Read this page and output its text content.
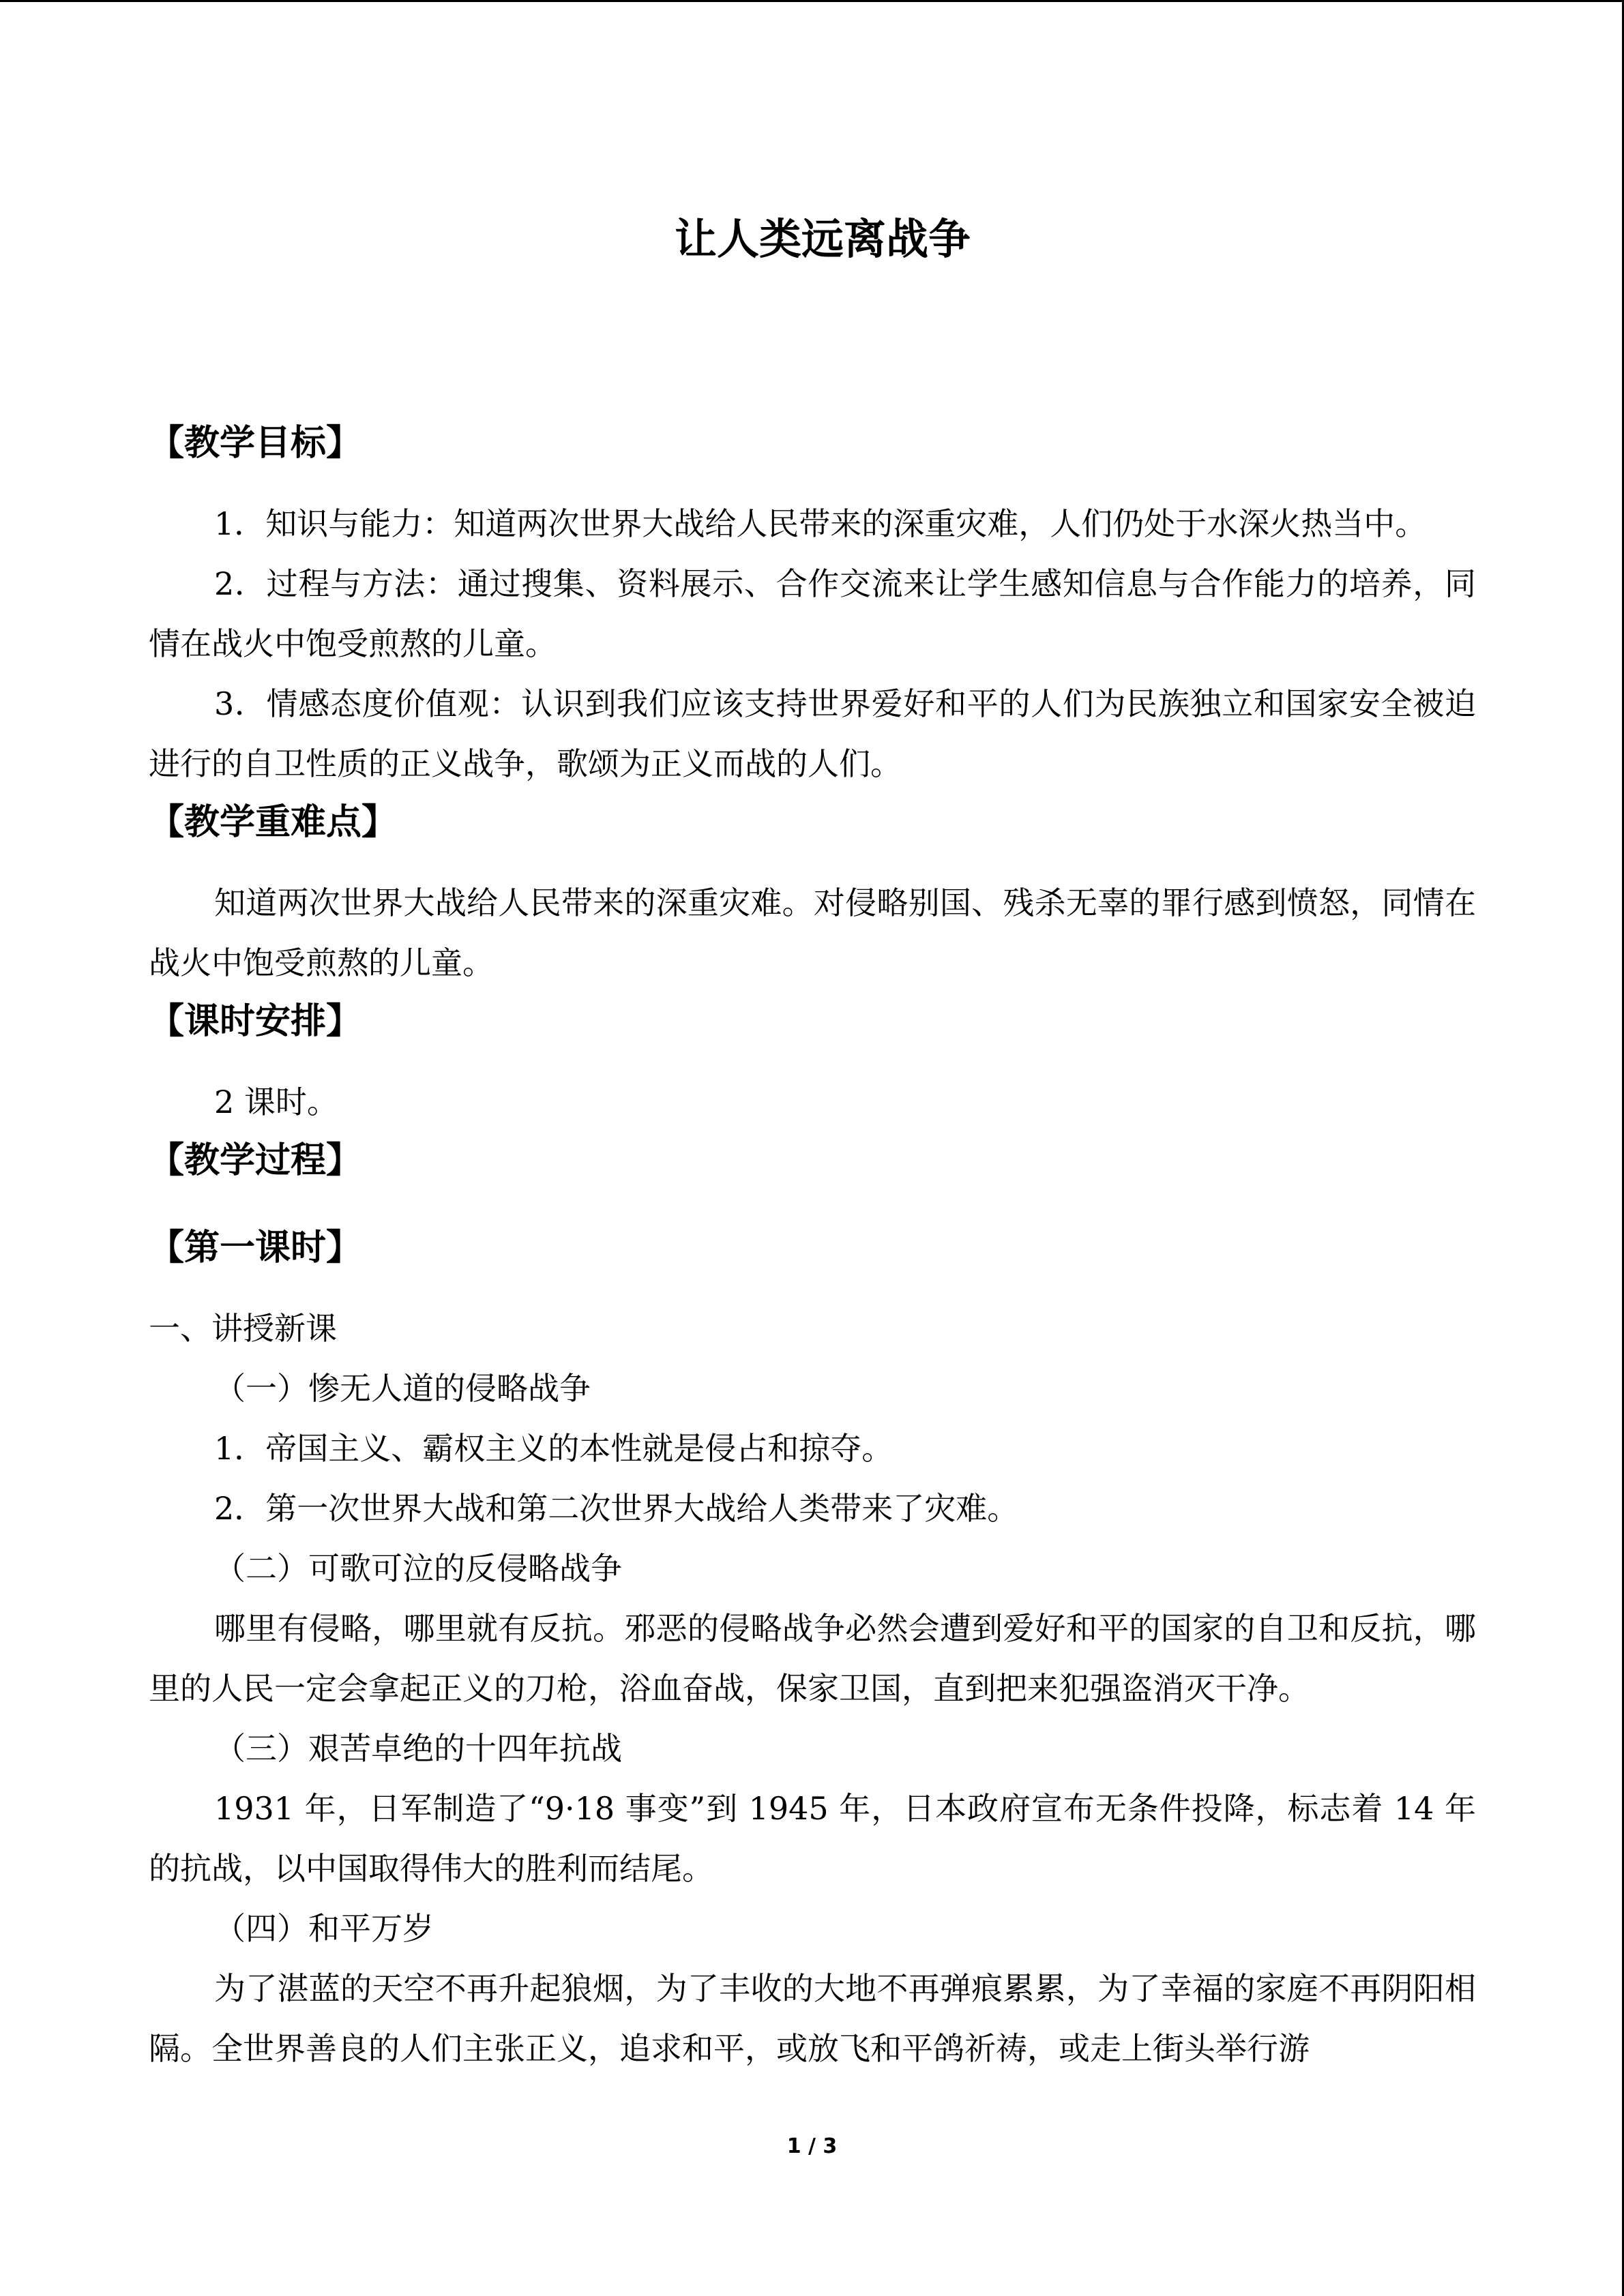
让人类远离战争
【教学目标】

1．知识与能力：知道两次世界大战给人民带来的深重灾难，人们仍处于水深火热当中。

2．过程与方法：通过搜集、资料展示、合作交流来让学生感知信息与合作能力的培养，同情在战火中饱受煎熬的儿童。

3．情感态度价值观：认识到我们应该支持世界爱好和平的人们为民族独立和国家安全被迫进行的自卫性质的正义战争，歌颂为正义而战的人们。

【教学重难点】

知道两次世界大战给人民带来的深重灾难。对侵略别国、残杀无辜的罪行感到愤怒，同情在战火中饱受煎熬的儿童。

【课时安排】

2 课时。

【教学过程】
【第一课时】

一、讲授新课

（一）惨无人道的侵略战争

1．帝国主义、霸权主义的本性就是侵占和掠夺。

2．第一次世界大战和第二次世界大战给人类带来了灾难。

（二）可歌可泣的反侵略战争

哪里有侵略，哪里就有反抗。邪恶的侵略战争必然会遭到爱好和平的国家的自卫和反抗，哪里的人民一定会拿起正义的刀枪，浴血奋战，保家卫国，直到把来犯强盗消灭干净。

（三）艰苦卓绝的十四年抗战

1931 年，日军制造了“9·18 事变”到 1945 年，日本政府宣布无条件投降，标志着 14 年的抗战，以中国取得伟大的胜利而结尾。

（四）和平万岁

为了湛蓝的天空不再升起狼烟，为了丰收的大地不再弹痕累累，为了幸福的家庭不再阴阳相隔。全世界善良的人们主张正义，追求和平，或放飞和平鸽祈祷，或走上街头举行游

1 / 3
